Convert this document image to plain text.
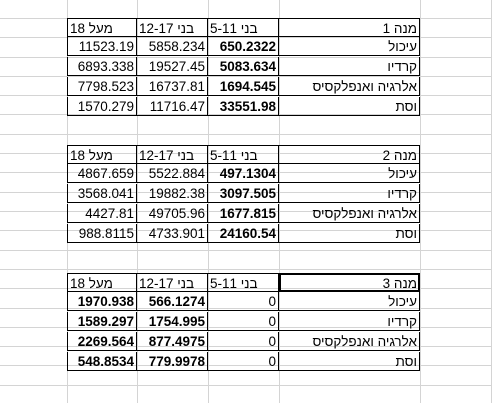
מעל 18	בני 12-17	בני 5-11	מנה 1
11523.19	5858.234	650.2322	עיכול
6893.338	19527.45	5083.634	קרדיו
7798.523	16737.81	1694.545	אלרגיה ואנפלקסיס
1570.279	11716.47	33551.98	וסת
מעל 18	בני 12-17	בני 5-11	מנה 2
4867.659	5522.884	497.1304	עיכול
3568.041	19882.38	3097.505	קרדיו
4427.81	49705.96	1677.815	אלרגיה ואנפלקסיס
988.8115	4733.901	24160.54	וסת
מעל 18	בני 12-17	בני 5-11	מנה 3
1970.938	566.1274	0	עיכול
1589.297	1754.995	0	קרדיו
2269.564	877.4975	0	אלרגיה ואנפלקסיס
548.8534	779.9978	0	וסת
